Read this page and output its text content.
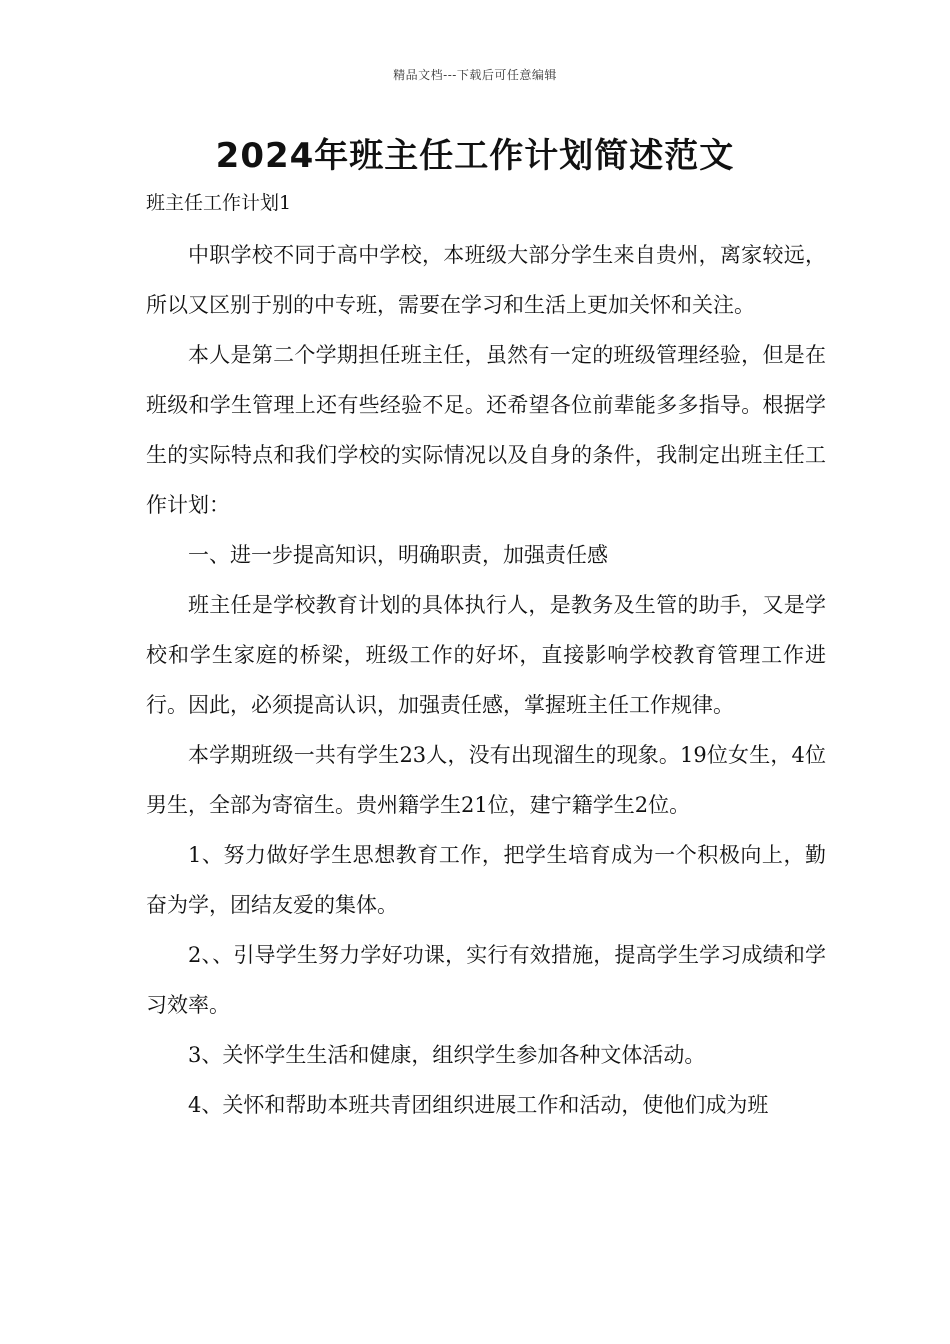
精品文档---下载后可任意编辑
2024年班主任工作计划简述范文
班主任工作计划1

中职学校不同于高中学校，本班级大部分学生来自贵州，离家较远，所以又区别于别的中专班，需要在学习和生活上更加关怀和关注。

本人是第二个学期担任班主任，虽然有一定的班级管理经验，但是在班级和学生管理上还有些经验不足。还希望各位前辈能多多指导。根据学生的实际特点和我们学校的实际情况以及自身的条件，我制定出班主任工作计划：

一、进一步提高知识，明确职责，加强责任感

班主任是学校教育计划的具体执行人，是教务及生管的助手，又是学校和学生家庭的桥梁，班级工作的好坏，直接影响学校教育管理工作进行。因此，必须提高认识，加强责任感，掌握班主任工作规律。

本学期班级一共有学生23人，没有出现溜生的现象。19位女生，4位男生，全部为寄宿生。贵州籍学生21位，建宁籍学生2位。

1、努力做好学生思想教育工作，把学生培育成为一个积极向上，勤奋为学，团结友爱的集体。

2、、引导学生努力学好功课，实行有效措施，提高学生学习成绩和学习效率。

3、关怀学生生活和健康，组织学生参加各种文体活动。

4、关怀和帮助本班共青团组织进展工作和活动，使他们成为班
